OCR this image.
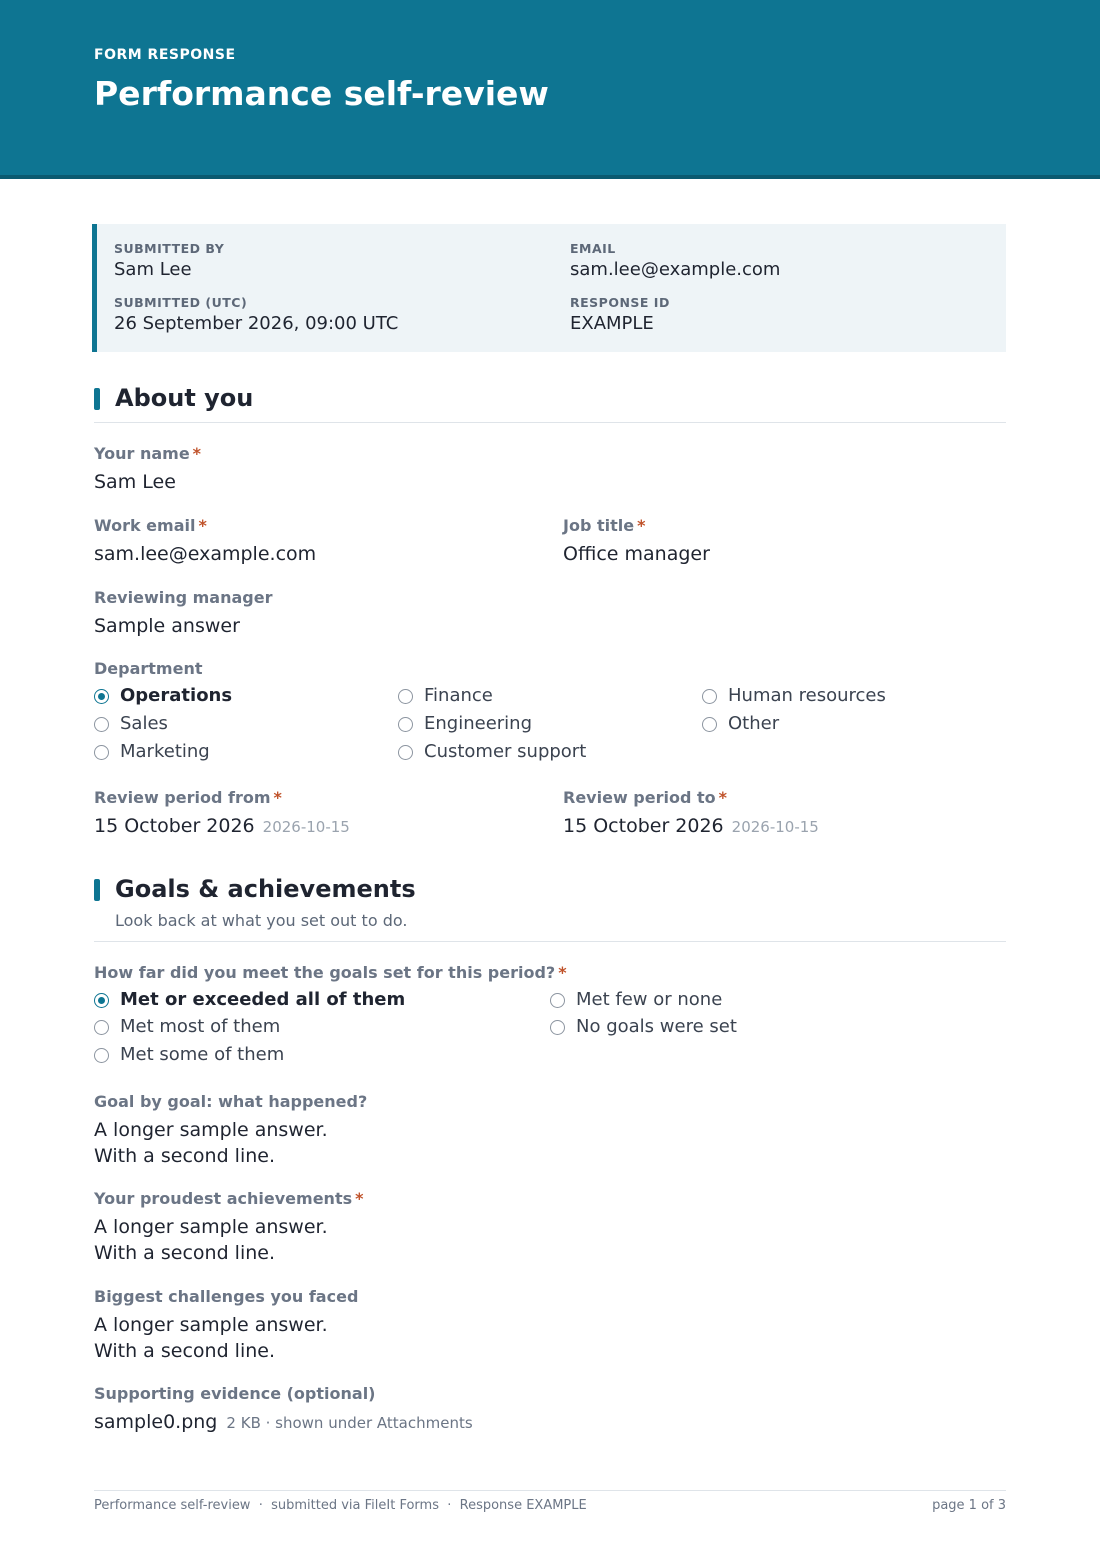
FORM RESPONSE
Performance self-review
SUBMITTED BY
Sam Lee
EMAIL
sam.lee@example.com
SUBMITTED (UTC)
26 September 2026, 09:00 UTC
RESPONSE ID
EXAMPLE
About you
Your name *
Sam Lee
Work email *
sam.lee@example.com
Job title *
Office manager
Reviewing manager
Sample answer
Department
Operations
Sales
Marketing
Finance
Engineering
Customer support
Human resources
Other
Review period from *
15 October 2026 2026-10-15
Review period to *
15 October 2026 2026-10-15
Goals & achievements
Look back at what you set out to do.
How far did you meet the goals set for this period? *
Met or exceeded all of them
Met most of them
Met some of them
Met few or none
No goals were set
Goal by goal: what happened?
A longer sample answer.
With a second line.
Your proudest achievements *
A longer sample answer.
With a second line.
Biggest challenges you faced
A longer sample answer.
With a second line.
Supporting evidence (optional)
sample0.png 2 KB · shown under Attachments
Performance self-review  ·  submitted via FileIt Forms  ·  Response EXAMPLE	page 1 of 3
